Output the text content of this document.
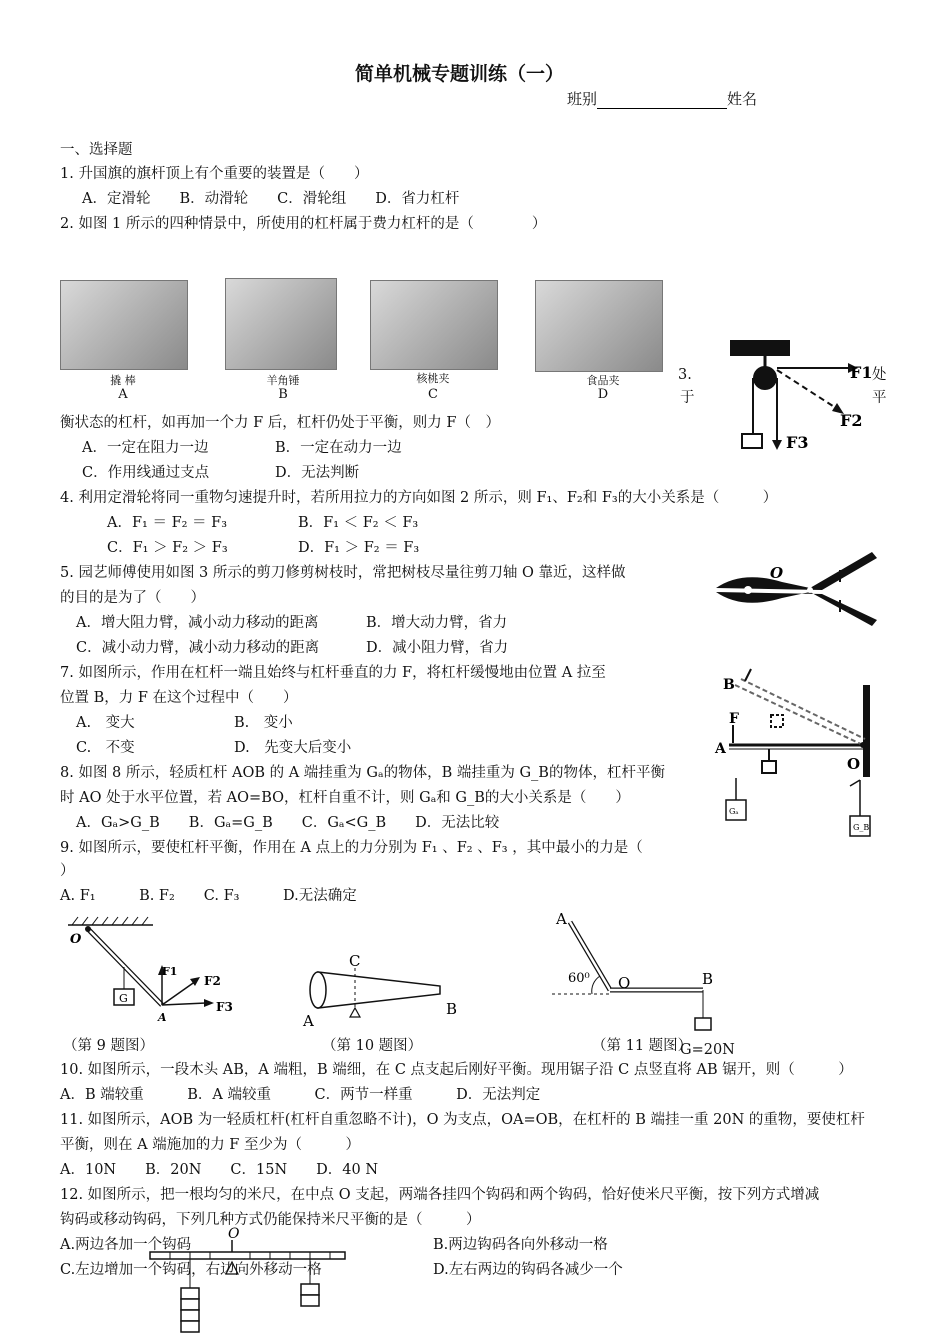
简单机械专题训练（一）
班别	姓名
一、选择题
1. 升国旗的旗杆顶上有个重要的装置是（　　）
A．定滑轮　　B．动滑轮　　C．滑轮组　　D．省力杠杆
2. 如图 1 所示的四种情景中，所使用的杠杆属于费力杠杆的是（　　　　）
撬 棒
A
羊角锤
B
核桃夹
C
食品夹
D
3.	处
于	平
F1
F2
F3
衡状态的杠杆，如再加一个力 F 后，杠杆仍处于平衡，则力 F（　）
A．一定在阻力一边	B．一定在动力一边
C．作用线通过支点	D．无法判断
4. 利用定滑轮将同一重物匀速提升时，若所用拉力的方向如图 2 所示，则 F₁、F₂和 F₃的大小关系是（　　　）
A．F₁ ＝ F₂ ＝ F₃	B．F₁ ＜ F₂ ＜ F₃
C．F₁ ＞ F₂ ＞ F₃	D．F₁ ＞ F₂ ＝ F₃
5. 园艺师傅使用如图 3 所示的剪刀修剪树枝时，常把树枝尽量往剪刀轴 O 靠近，这样做
的目的是为了（　　）
A．增大阻力臂，减小动力移动的距离	B．增大动力臂，省力
C．减小动力臂，减小动力移动的距离	D．减小阻力臂，省力
O
7. 如图所示，作用在杠杆一端且始终与杠杆垂直的力 F，将杠杆缓慢地由位置 A 拉至
位置 B，力 F 在这个过程中（　　）
A.　变大	B.　变小
C.　不变	D.　先变大后变小
B
F
A
O
8. 如图 8 所示，轻质杠杆 AOB 的 A 端挂重为 Gₐ的物体，B 端挂重为 G_B的物体，杠杆平衡
时 AO 处于水平位置，若 AO=BO，杠杆自重不计，则 Gₐ和 G_B的大小关系是（　　）
A．Gₐ>G_B　　B．Gₐ=G_B　　C．Gₐ<G_B　　D．无法比较
Gₐ
G_B
9. 如图所示，要使杠杆平衡，作用在 A 点上的力分别为 F₁ 、F₂ 、F₃ ，其中最小的力是（
）
A. F₁　　　B. F₂　　C. F₃　　　D.无法确定
O
G
A
F1
F2
F3
C
A
B
A
60⁰ O	B
（第 9 题图）	（第 10 题图）	（第 11 题图）
G=20N
10. 如图所示，一段木头 AB，A 端粗，B 端细，在 C 点支起后刚好平衡。现用锯子沿 C 点竖直将 AB 锯开，则（　　　）
A．B 端较重　　　B．A 端较重　　　C．两节一样重　　　D．无法判定
11. 如图所示，AOB 为一轻质杠杆(杠杆自重忽略不计)，O 为支点，OA=OB，在杠杆的 B 端挂一重 20N 的重物，要使杠杆
平衡，则在 A 端施加的力 F 至少为（　　　）
A．10N　　B．20N　　C．15N　　D．40 N
12. 如图所示，把一根均匀的米尺，在中点 O 支起，两端各挂四个钩码和两个钩码，恰好使米尺平衡，按下列方式增减
钩码或移动钩码，下列几种方式仍能保持米尺平衡的是（　　　）
O
A.两边各加一个钩码	B.两边钩码各向外移动一格
C.左边增加一个钩码，右边向外移动一格	D.左右两边的钩码各减少一个
